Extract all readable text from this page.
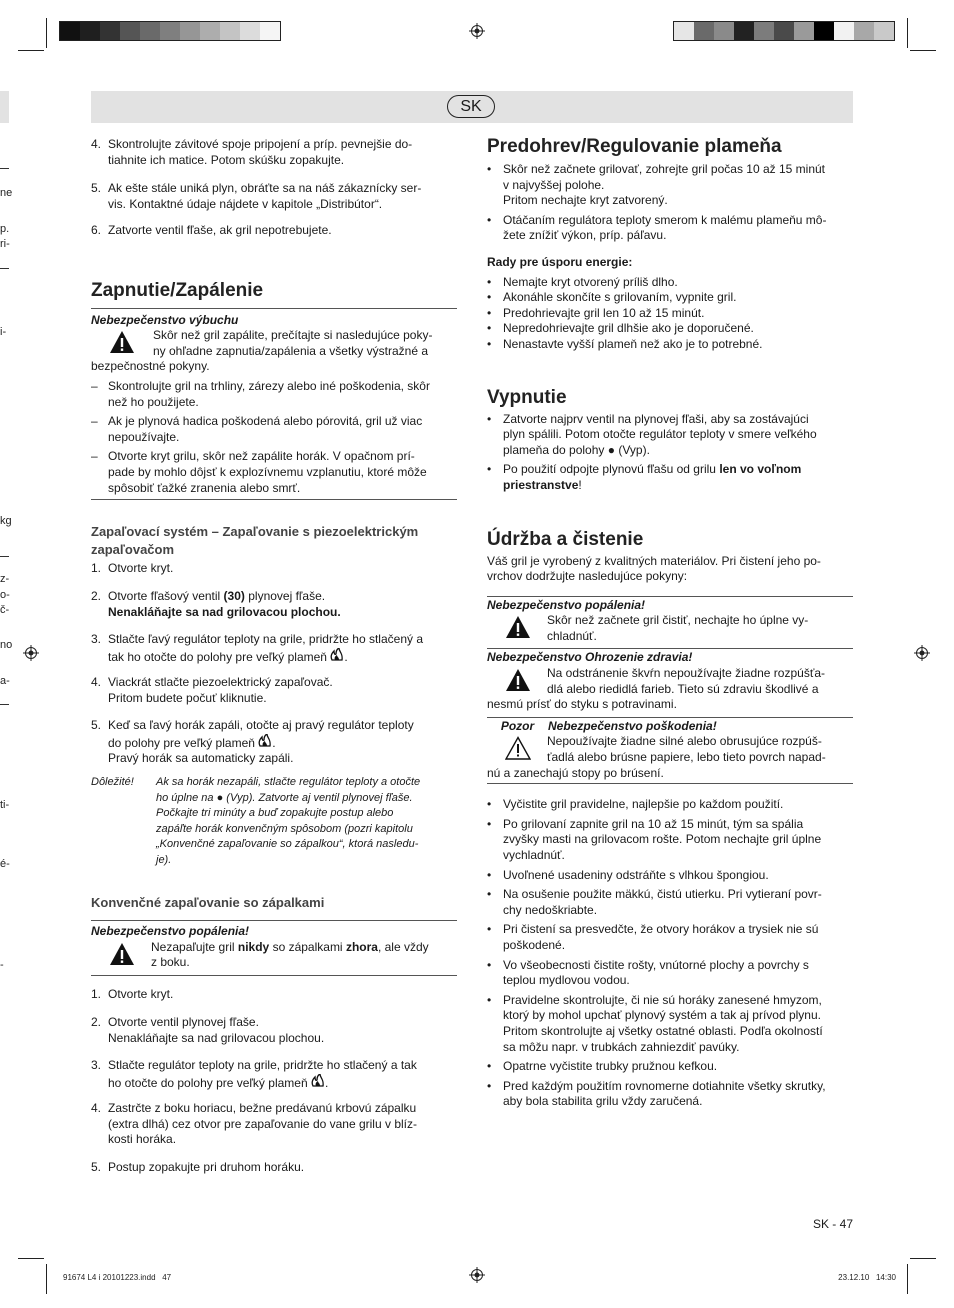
ne
p.
ri-
i-
kg
z-
o-
č-
no
a-
ti-
é-
-
SK
4. Skontrolujte závitové spoje pripojení a príp. pevnejšie do-
tiahnite ich matice. Potom skúšku zopakujte.
5. Ak ešte stále uniká plyn, obráťte sa na náš zákaznícky ser-
vis. Kontaktné údaje nájdete v kapitole „Distribútor“.
6. Zatvorte ventil fľaše, ak gril nepotrebujete.
Zapnutie/Zapálenie
Nebezpečenstvo výbuchu
Skôr než gril zapálite, prečítajte si nasledujúce poky-
ny ohľadne zapnutia/zapálenia a všetky výstražné a
bezpečnostné pokyny.
– Skontrolujte gril na trhliny, zárezy alebo iné poškodenia, skôr
než ho použijete.
– Ak je plynová hadica poškodená alebo pórovitá, gril už viac
nepoužívajte.
– Otvorte kryt grilu, skôr než zapálite horák. V opačnom prí-
pade by mohlo dôjsť k explozívnemu vzplanutiu, ktoré môže
spôsobiť ťažké zranenia alebo smrť.
Zapaľovací systém – Zapaľovanie s piezoelektrickým zapaľovačom
1. Otvorte kryt.
2. Otvorte fľašový ventil (30) plynovej fľaše.
Nenakláňajte sa nad grilovacou plochou.
3. Stlačte ľavý regulátor teploty na grile, pridržte ho stlačený a
tak ho otočte do polohy pre veľký plameň .
4. Viackrát stlačte piezoelektrický zapaľovač.
Pritom budete počuť kliknutie.
5. Keď sa ľavý horák zapáli, otočte aj pravý regulátor teploty
do polohy pre veľký plameň .
Pravý horák sa automaticky zapáli.
Dôležité!	Ak sa horák nezapáli, stlačte regulátor teploty a otočte
ho úplne na ● (Vyp). Zatvorte aj ventil plynovej fľaše.
Počkajte tri minúty a buď zopakujte postup alebo
zapáľte horák konvenčným spôsobom (pozri kapitolu
„Konvenčné zapaľovanie so zápalkou“, ktorá nasledu-
je).
Konvenčné zapaľovanie so zápalkami
Nebezpečenstvo popálenia!
Nezapaľujte gril nikdy so zápalkami zhora, ale vždy
z boku.
1. Otvorte kryt.
2. Otvorte ventil plynovej fľaše.
Nenakláňajte sa nad grilovacou plochou.
3. Stlačte regulátor teploty na grile, pridržte ho stlačený a tak
ho otočte do polohy pre veľký plameň .
4. Zastrčte z boku horiacu, bežne predávanú krbovú zápalku
(extra dlhá) cez otvor pre zapaľovanie do vane grilu v blíz-
kosti horáka.
5. Postup zopakujte pri druhom horáku.
Predohrev/Regulovanie plameňa
• Skôr než začnete grilovať, zohrejte gril počas 10 až 15 minút
v najvyššej polohe.
Pritom nechajte kryt zatvorený.
• Otáčaním regulátora teploty smerom k malému plameňu mô-
žete znížiť výkon, príp. páľavu.
Rady pre úsporu energie:
• Nemajte kryt otvorený príliš dlho.
• Akonáhle skončíte s grilovaním, vypnite gril.
• Predohrievajte gril len 10 až 15 minút.
• Nepredohrievajte gril dlhšie ako je doporučené.
• Nenastavte vyšší plameň než ako je to potrebné.
Vypnutie
• Zatvorte najprv ventil na plynovej fľaši, aby sa zostávajúci
plyn spálili. Potom otočte regulátor teploty v smere veľkého
plameňa do polohy ● (Vyp).
• Po použití odpojte plynovú fľašu od grilu len vo voľnom
priestranstve!
Údržba a čistenie
Váš gril je vyrobený z kvalitných materiálov. Pri čistení jeho po-
vrchov dodržujte nasledujúce pokyny:
Nebezpečenstvo popálenia!
Skôr než začnete gril čistiť, nechajte ho úplne vy-
chladnúť.
Nebezpečenstvo Ohrozenie zdravia!
Na odstránenie škvŕn nepoužívajte žiadne rozpúšťa-
dlá alebo riedidlá farieb. Tieto sú zdraviu škodlivé a
nesmú prísť do styku s potravinami.
Pozor	Nebezpečenstvo poškodenia!
Nepoužívajte žiadne silné alebo obrusujúce rozpúš-
ťadlá alebo brúsne papiere, lebo tieto povrch napad-
nú a zanechajú stopy po brúsení.
• Vyčistite gril pravidelne, najlepšie po každom použití.
• Po grilovaní zapnite gril na 10 až 15 minút, tým sa spália
zvyšky masti na grilovacom rošte. Potom nechajte gril úplne
vychladnúť.
• Uvoľnené usadeniny odstráňte s vlhkou špongiou.
• Na osušenie použite mäkkú, čistú utierku. Pri vytieraní povr-
chy nedoškriabte.
• Pri čistení sa presvedčte, že otvory horákov a trysiek nie sú
poškodené.
• Vo všeobecnosti čistite rošty, vnútorné plochy a povrchy s
teplou mydlovou vodou.
• Pravidelne skontrolujte, či nie sú horáky zanesené hmyzom,
ktorý by mohol upchať plynový systém a tak aj prívod plynu.
Pritom skontrolujte aj všetky ostatné oblasti. Podľa okolností
sa môžu napr. v trubkách zahniezdiť pavúky.
• Opatrne vyčistite trubky pružnou kefkou.
• Pred každým použitím rovnomerne dotiahnite všetky skrutky,
aby bola stabilita grilu vždy zaručená.
SK - 47
91674 L4 i 20101223.indd   47	23.12.10   14:30
